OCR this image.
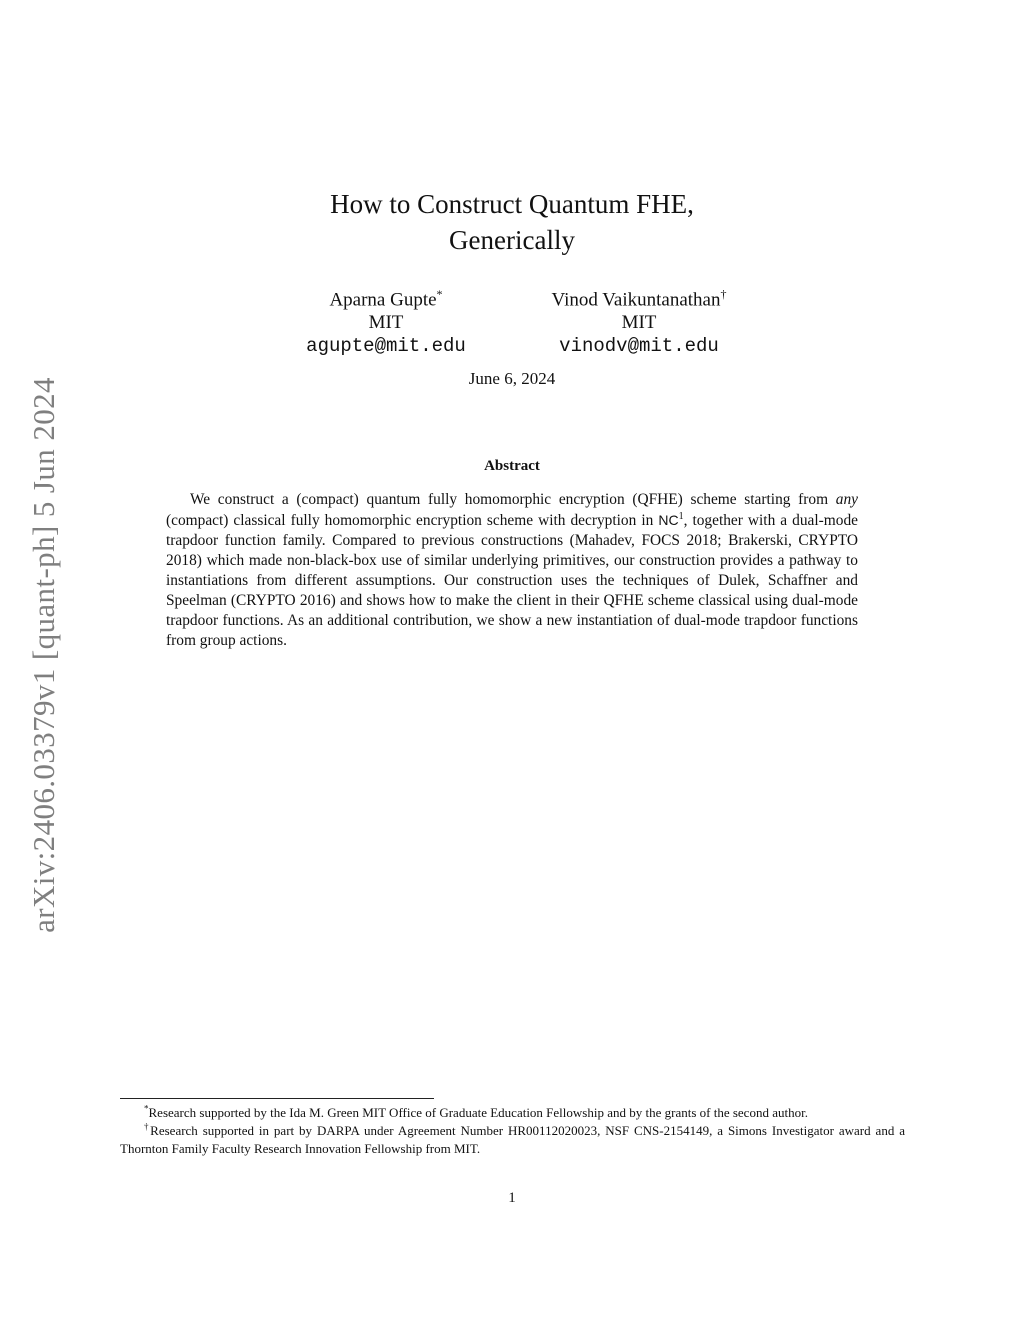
arXiv:2406.03379v1 [quant-ph] 5 Jun 2024
How to Construct Quantum FHE,
Generically
Aparna Gupte*
MIT
agupte@mit.edu
Vinod Vaikuntanathan†
MIT
vinodv@mit.edu
June 6, 2024
Abstract

We construct a (compact) quantum fully homomorphic encryption (QFHE) scheme starting from any (compact) classical fully homomorphic encryption scheme with decryption in $NC^1$, together with a dual-mode trapdoor function family. Compared to previous constructions (Mahadev, FOCS 2018; Brakerski, CRYPTO 2018) which made non-black-box use of similar underlying primitives, our construction provides a pathway to instantiations from different assumptions. Our construction uses the techniques of Dulek, Schaffner and Speelman (CRYPTO 2016) and shows how to make the client in their QFHE scheme classical using dual-mode trapdoor functions. As an additional contribution, we show a new instantiation of dual-mode trapdoor functions from group actions.

*Research supported by the Ida M. Green MIT Office of Graduate Education Fellowship and by the grants of the second author.

†Research supported in part by DARPA under Agreement Number HR00112020023, NSF CNS-2154149, a Simons Investigator award and a Thornton Family Faculty Research Innovation Fellowship from MIT.

1
